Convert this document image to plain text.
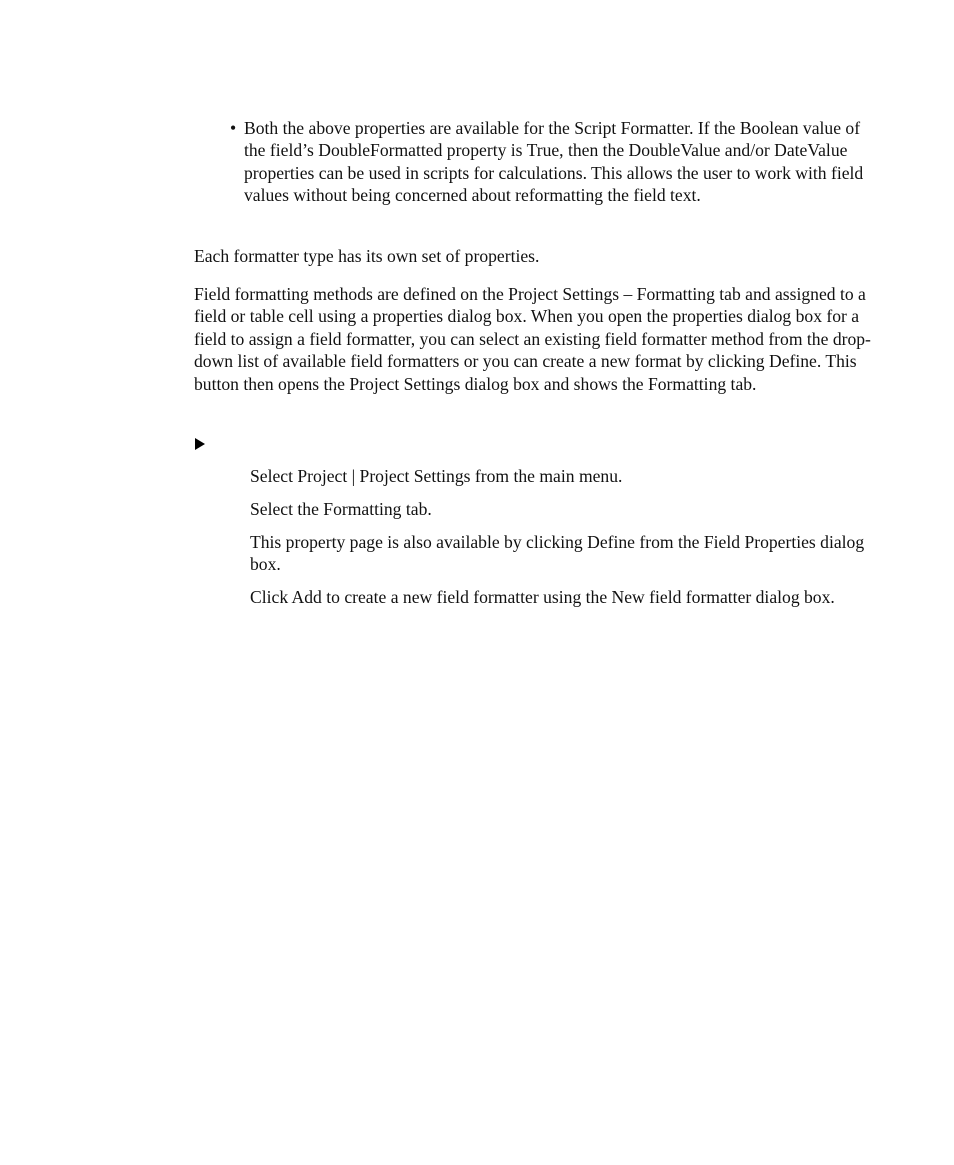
• Both the above properties are available for the Script Formatter. If the Boolean value of the field’s DoubleFormatted property is True, then the DoubleValue and/or DateValue properties can be used in scripts for calculations. This allows the user to work with field values without being concerned about reformatting the field text.

Each formatter type has its own set of properties.

Field formatting methods are defined on the Project Settings – Formatting tab and assigned to a field or table cell using a properties dialog box. When you open the properties dialog box for a field to assign a field formatter, you can select an existing field formatter method from the drop-down list of available field formatters or you can create a new format by clicking Define. This button then opens the Project Settings dialog box and shows the Formatting tab.

Select Project | Project Settings from the main menu.

Select the Formatting tab.

This property page is also available by clicking Define from the Field Properties dialog box.

Click Add to create a new field formatter using the New field formatter dialog box.
